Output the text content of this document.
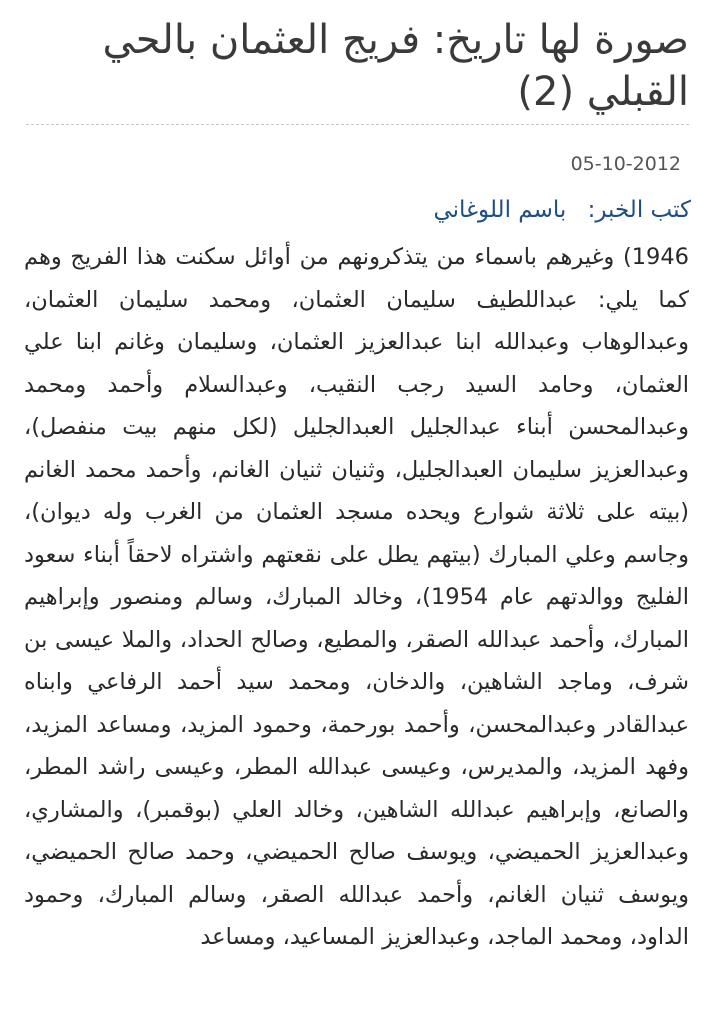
صورة لها تاريخ: فريج العثمان بالحي القبلي (2)
05-10-2012
كتب الخبر: باسم اللوغاني

1946) وغيرهم باسماء من يتذكرونهم من أوائل سكنت هذا الفريج وهم كما يلي: عبداللطيف سليمان العثمان، ومحمد سليمان العثمان، وعبدالوهاب وعبدالله ابنا عبدالعزيز العثمان، وسليمان وغانم ابنا علي العثمان، وحامد السيد رجب النقيب، وعبدالسلام وأحمد ومحمد وعبدالمحسن أبناء عبدالجليل العبدالجليل (لكل منهم بيت منفصل)، وعبدالعزيز سليمان العبدالجليل، وثنيان ثنيان الغانم، وأحمد محمد الغانم (بيته على ثلاثة شوارع ويحده مسجد العثمان من الغرب وله ديوان)، وجاسم وعلي المبارك (بيتهم يطل على نقعتهم واشتراه لاحقاً أبناء سعود الفليج ووالدتهم عام 1954)، وخالد المبارك، وسالم ومنصور وإبراهيم المبارك، وأحمد عبدالله الصقر، والمطيع، وصالح الحداد، والملا عيسى بن شرف، وماجد الشاهين، والدخان، ومحمد سيد أحمد الرفاعي وابناه عبدالقادر وعبدالمحسن، وأحمد بورحمة، وحمود المزيد، ومساعد المزيد، وفهد المزيد، والمديرس، وعيسى عبدالله المطر، وعيسى راشد المطر، والصانع، وإبراهيم عبدالله الشاهين، وخالد العلي (بوقمبر)، والمشاري، وعبدالعزيز الحميضي، ويوسف صالح الحميضي، وحمد صالح الحميضي، ويوسف ثنيان الغانم، وأحمد عبدالله الصقر، وسالم المبارك، وحمود الداود، ومحمد الماجد، وعبدالعزيز المساعيد، ومساعد
